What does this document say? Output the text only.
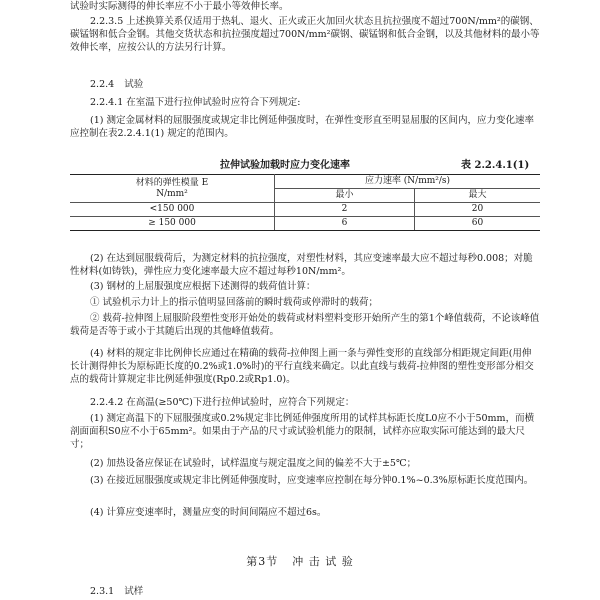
试验时实际测得的伸长率应不小于最小等效伸长率。

2.2.3.5 上述换算关系仅适用于热轧、退火、正火或正火加回火状态且抗拉强度不超过700N/mm²的碳钢、碳锰钢和低合金钢。其他交货状态和抗拉强度超过700N/mm²碳钢、碳锰钢和低合金钢，以及其他材料的最小等效伸长率，应按公认的方法另行计算。

2.2.4 试验

2.2.4.1 在室温下进行拉伸试验时应符合下列规定:

(1) 测定金属材料的屈服强度或规定非比例延伸强度时，在弹性变形直至明显屈服的区间内，应力变化速率应控制在表2.2.4.1(1) 规定的范围内。

拉伸试验加载时应力变化速率	表 2.2.4.1(1)
材料的弹性模量 E
N/mm²	应力速率 (N/mm²/s)	
	最小	最大
<150 000	2	20
≥ 150 000	6	60

(2) 在达到屈服载荷后，为测定材料的抗拉强度，对塑性材料，其应变速率最大应不超过每秒0.008；对脆性材料(如铸铁)，弹性应力变化速率最大应不超过每秒10N/mm²。

(3) 钢材的上屈服强度应根据下述测得的载荷值计算：

① 试验机示力计上的指示值明显回落前的瞬时载荷或停滞时的载荷；

② 载荷-拉伸图上屈服阶段塑性变形开始处的载荷或材料塑料变形开始所产生的第1个峰值载荷，不论该峰值载荷是否等于或小于其随后出现的其他峰值载荷。

(4) 材料的规定非比例伸长应通过在精确的载荷-拉伸图上画一条与弹性变形的直线部分相距规定间距(用伸长计测得伸长为原标距长度的0.2%或1.0%时)的平行直线来确定。以此直线与载荷-拉伸图的塑性变形部分相交点的载荷计算规定非比例延伸强度(Rp0.2或Rp1.0)。

2.2.4.2 在高温(≥50℃)下进行拉伸试验时，应符合下列规定：

(1) 测定高温下的下屈服强度或0.2%规定非比例延伸强度所用的试样其标距长度L0应不小于50mm，而横剖面面积S0应不小于65mm²。如果由于产品的尺寸或试验机能力的限制，试样亦应取实际可能达到的最大尺寸；

(2) 加热设备应保证在试验时，试样温度与规定温度之间的偏差不大于±5℃；

(3) 在接近屈服强度或规定非比例延伸强度时，应变速率应控制在每分钟0.1%~0.3%原标距长度范围内。

(4) 计算应变速率时，测量应变的时间间隔应不超过6s。

第3节 冲 击 试 验
2.3.1 试样
